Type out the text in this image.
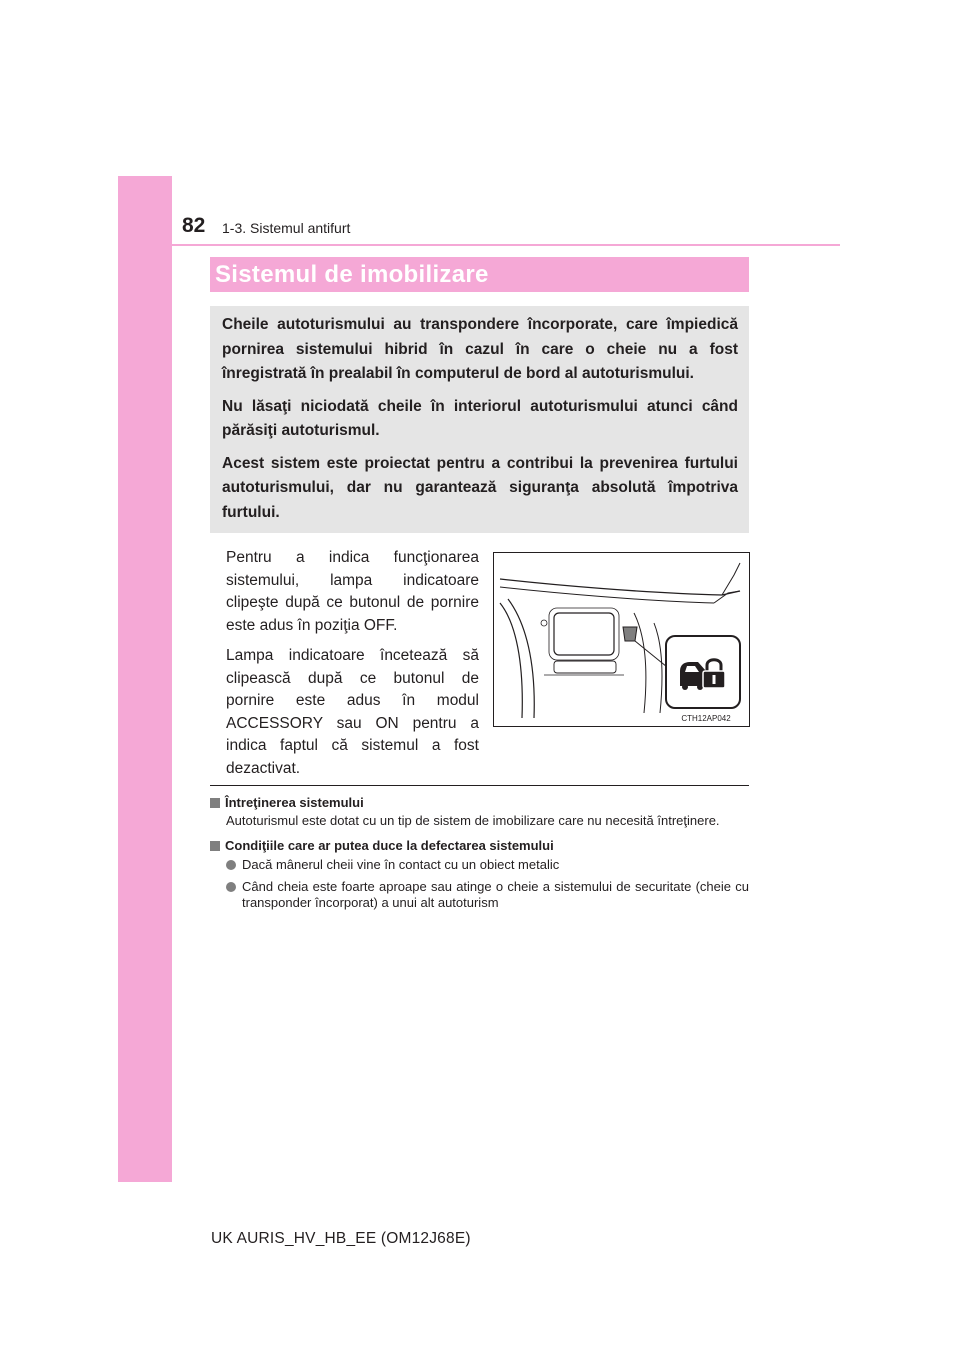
82 1-3. Sistemul antifurt
Sistemul de imobilizare

Cheile autoturismului au transpondere încorporate, care împiedică pornirea sistemului hibrid în cazul în care o cheie nu a fost înregistrată în prealabil în computerul de bord al autoturismului.

Nu lăsaţi niciodată cheile în interiorul autoturismului atunci când părăsiţi autoturismul.

Acest sistem este proiectat pentru a contribui la prevenirea furtului autoturismului, dar nu garantează siguranţa absolută împotriva furtului.

Pentru a indica funcţionarea sistemului, lampa indicatoare clipeşte după ce butonul de pornire este adus în poziţia OFF.

Lampa indicatoare încetează să clipească după ce butonul de pornire este adus în modul ACCESSORY sau ON pentru a indica faptul că sistemul a fost dezactivat.

CTH12AP042
Întreţinerea sistemului
Autoturismul este dotat cu un tip de sistem de imobilizare care nu necesită întreţinere.
Condiţiile care ar putea duce la defectarea sistemului
Dacă mânerul cheii vine în contact cu un obiect metalic
Când cheia este foarte aproape sau atinge o cheie a sistemului de securitate (cheie cu transponder încorporat) a unui alt autoturism
UK AURIS_HV_HB_EE (OM12J68E)
